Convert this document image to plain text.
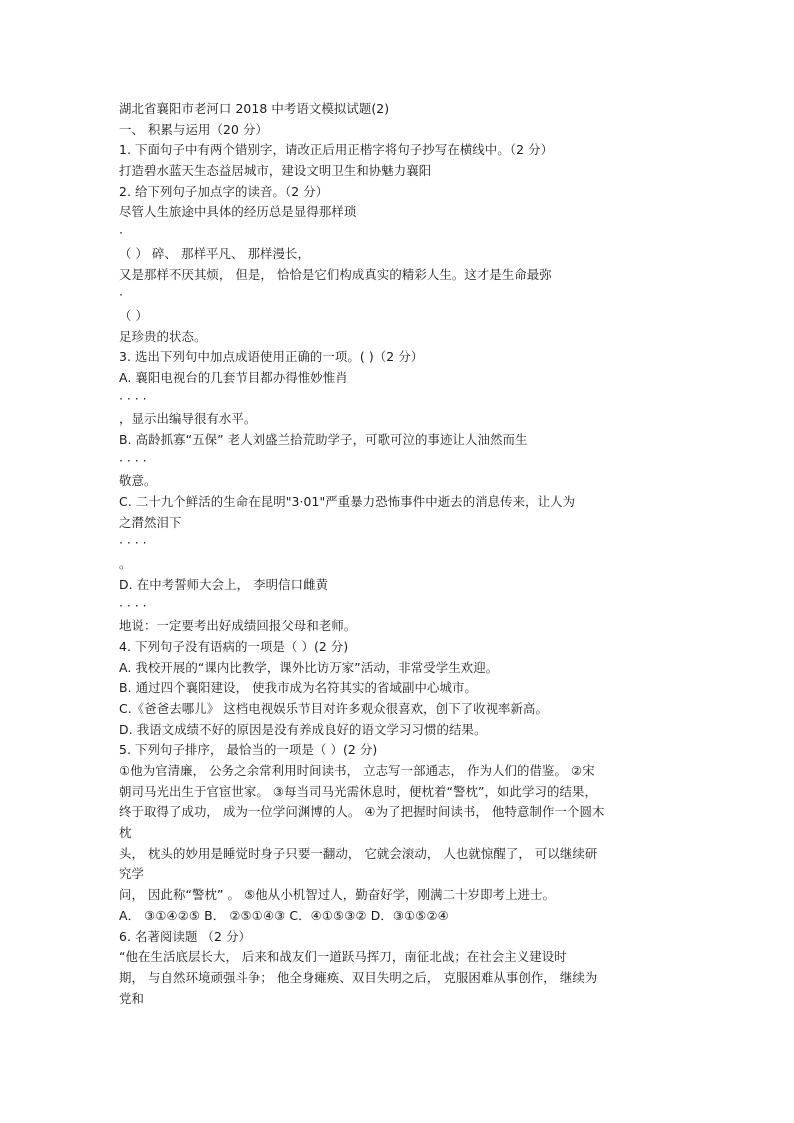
湖北省襄阳市老河口 2018 中考语文模拟试题(2)
一、 积累与运用（20 分）
1. 下面句子中有两个错别字，请改正后用正楷字将句子抄写在横线中。（2 分）
打造碧水蓝天生态益居城市，建设文明卫生和协魅力襄阳
2. 给下列句子加点字的读音。（2 分）
尽管人生旅途中具体的经历总是显得那样琐
·
（ ） 碎、 那样平凡、 那样漫长，
又是那样不厌其烦， 但是， 恰恰是它们构成真实的精彩人生。这才是生命最弥
·
（ ）
足珍贵的状态。
3. 选出下列句中加点成语使用正确的一项。( )（2 分）
A. 襄阳电视台的几套节目都办得惟妙惟肖
· · · ·
，显示出编导很有水平。
B. 高龄抓寡“五保” 老人刘盛兰拾荒助学子，可歌可泣的事迹让人油然而生
· · · ·
敬意。
C. 二十九个鲜活的生命在昆明"3·01"严重暴力恐怖事件中逝去的消息传来，让人为
之潸然泪下
· · · ·
。
D. 在中考誓师大会上， 李明信口雌黄
· · · ·
地说：一定要考出好成绩回报父母和老师。
4. 下列句子没有语病的一项是（ ）(2 分)
A. 我校开展的“课内比教学，课外比访万家”活动，非常受学生欢迎。
B. 通过四个襄阳建设， 使我市成为名符其实的省域副中心城市。
C.《爸爸去哪儿》 这档电视娱乐节目对许多观众很喜欢，创下了收视率新高。
D. 我语文成绩不好的原因是没有养成良好的语文学习习惯的结果。
5. 下列句子排序， 最恰当的一项是（ ）(2 分)
①他为官清廉， 公务之余常利用时间读书， 立志写一部通志， 作为人们的借鉴。 ②宋
朝司马光出生于官宦世家。 ③每当司马光需休息时，便枕着“警枕”，如此学习的结果，
终于取得了成功， 成为一位学问渊博的人。 ④为了把握时间读书， 他特意制作一个圆木
枕
头， 枕头的妙用是睡觉时身子只要一翻动， 它就会滚动， 人也就惊醒了， 可以继续研
究学
问， 因此称“警枕” 。 ⑤他从小机智过人，勤奋好学，刚满二十岁即考上进士。
A． ③①④②⑤ B． ②⑤①④③ C．④①⑤③② D．③①⑤②④
6. 名著阅读题 （2 分）
“他在生活底层长大， 后来和战友们一道跃马挥刀，南征北战；在社会主义建设时
期， 与自然环境顽强斗争； 他全身瘫痪、双目失明之后， 克服困难从事创作， 继续为
党和
